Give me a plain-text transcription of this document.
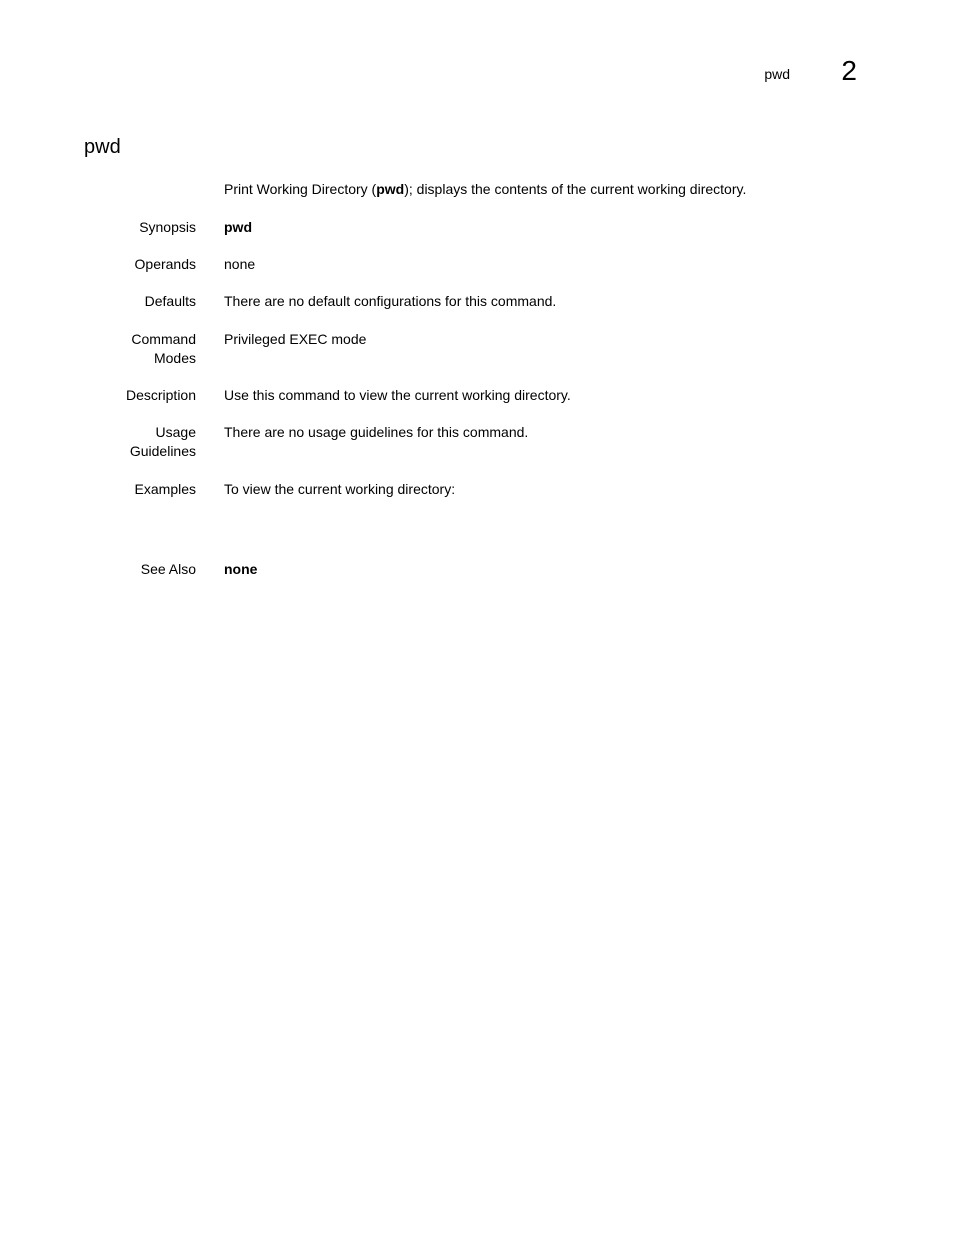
pwd 2
pwd
Print Working Directory (pwd); displays the contents of the current working directory.
Synopsis pwd
Operands none
Defaults There are no default configurations for this command.
Command
Modes
Privileged EXEC mode
Description Use this command to view the current working directory.
Usage
Guidelines
There are no usage guidelines for this command.
Examples To view the current working directory:
See Also none
